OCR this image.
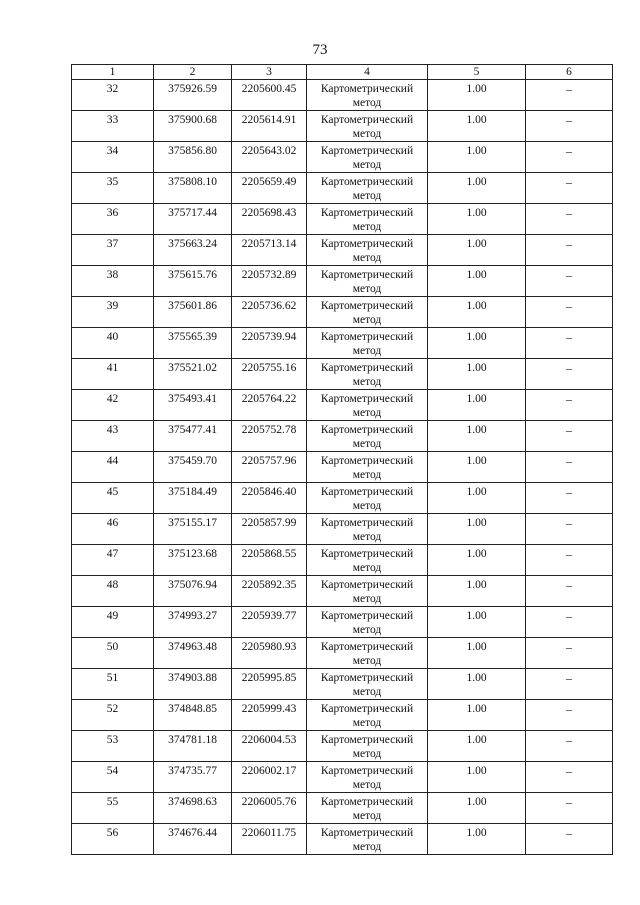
73
1	2	3	4	5	6
32	375926.59	2205600.45	Картометрический метод	1.00	–
33	375900.68	2205614.91	Картометрический метод	1.00	–
34	375856.80	2205643.02	Картометрический метод	1.00	–
35	375808.10	2205659.49	Картометрический метод	1.00	–
36	375717.44	2205698.43	Картометрический метод	1.00	–
37	375663.24	2205713.14	Картометрический метод	1.00	–
38	375615.76	2205732.89	Картометрический метод	1.00	–
39	375601.86	2205736.62	Картометрический метод	1.00	–
40	375565.39	2205739.94	Картометрический метод	1.00	–
41	375521.02	2205755.16	Картометрический метод	1.00	–
42	375493.41	2205764.22	Картометрический метод	1.00	–
43	375477.41	2205752.78	Картометрический метод	1.00	–
44	375459.70	2205757.96	Картометрический метод	1.00	–
45	375184.49	2205846.40	Картометрический метод	1.00	–
46	375155.17	2205857.99	Картометрический метод	1.00	–
47	375123.68	2205868.55	Картометрический метод	1.00	–
48	375076.94	2205892.35	Картометрический метод	1.00	–
49	374993.27	2205939.77	Картометрический метод	1.00	–
50	374963.48	2205980.93	Картометрический метод	1.00	–
51	374903.88	2205995.85	Картометрический метод	1.00	–
52	374848.85	2205999.43	Картометрический метод	1.00	–
53	374781.18	2206004.53	Картометрический метод	1.00	–
54	374735.77	2206002.17	Картометрический метод	1.00	–
55	374698.63	2206005.76	Картометрический метод	1.00	–
56	374676.44	2206011.75	Картометрический метод	1.00	–
